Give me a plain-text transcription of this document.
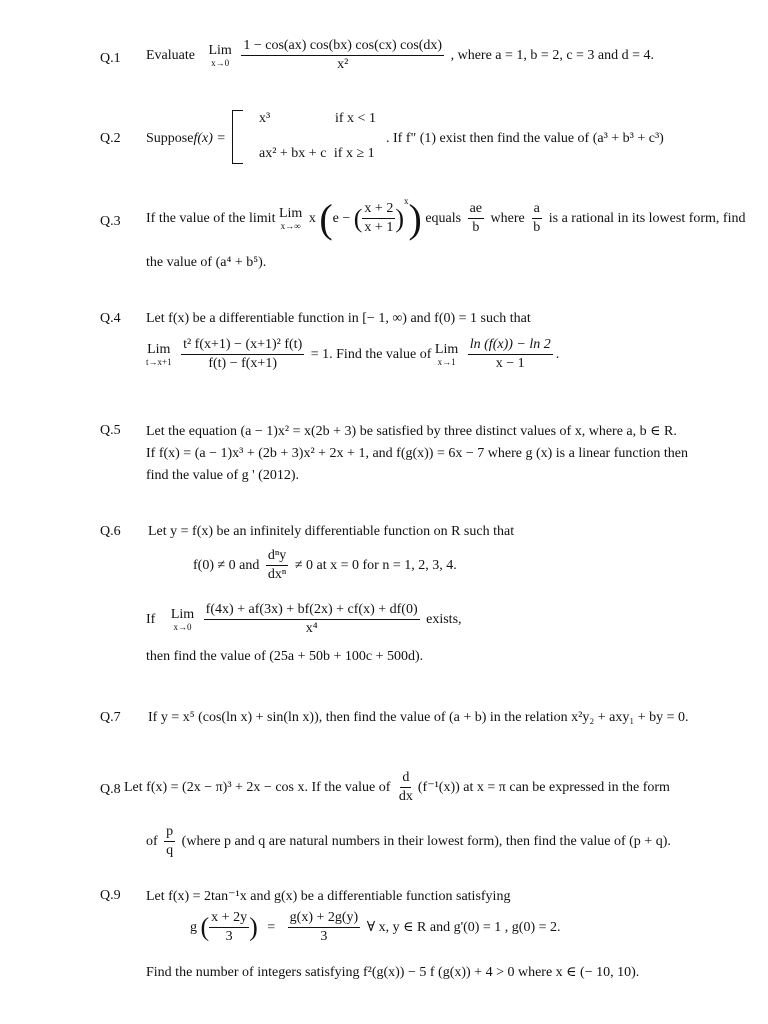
Q.1 Evaluate Lim
x→0
$\frac{1 - \cos(ax) \cos(bx) \cos(cx) \cos(dx)}{\text{x²}}$ , where a = 1, b = 2, c = 3 and d = 4.
Q.2 Supposef(x) =
x³	if x < 1
ax² + bx + c if x ≥ 1
. If f" (1) exist then find the value of (a³ + b³ + c³)
Q.3 If the value of the limit Lim
x→∞
x (e − ( $\frac{x + 2}{x + 1} )^x$) equals $\frac{ae}{b}$ where $\frac{a}{b}$ is a rational in its lowest form, find
the value of (a⁴ + b⁵).
Q.4 Let f(x) be a differentiable function in [− 1, ∞) and f(0) = 1 such that
Lim
t→x+1
$\frac{\text{t² f(x+1) − (x+1)² f(t)}}{f(t) - f(x+1)} = 1$. Find the value of Lim
x→1
$\frac{\ln (f(x)) - \ln 2}{x - 1}$ .
Q.5 Let the equation (a − 1)x² = x(2b + 3) be satisfied by three distinct values of x, where a, b ∈ R.
If f(x) = (a − 1)x³ + (2b + 3)x² + 2x + 1, and f(g(x)) = 6x − 7 where g (x) is a linear function then
find the value of g ' (2012).
Q.6 Let y = f(x) be an infinitely differentiable function on R such that
f(0) ≠ 0 and $\frac{\text{dⁿy}}{\text{dxⁿ}} \ne 0$ at x = 0 for n = 1, 2, 3, 4.
If Lim
x→0
$\frac{f(4x) + af(3x) + bf(2x) + cf(x) + df(0)}{\text{x⁴}}$ exists,
then find the value of (25a + 50b + 100c + 500d).
Q.7 If y = x⁵ (cos(ln x) + sin(ln x)), then find the value of (a + b) in the relation x²y₂ + axy₁ + by = 0.
Q.8 Let f(x) = (2x − π)³ + 2x − cos x. If the value of $\frac{d}{dx} (f^{-1}(x))$ at x = π can be expressed in the form
of $\frac{p}{q}$ (where p and q are natural numbers in their lowest form), then find the value of (p + q).
Q.9 Let f(x) = 2tan⁻¹x and g(x) be a differentiable function satisfying
g ( $\frac{x + 2y}{3}$ ) = $\frac{g(x) + 2g(y)}{3}$ ∀ x, y ∈ R and g'(0) = 1 , g(0) = 2.
Find the number of integers satisfying f²(g(x)) − 5 f (g(x)) + 4 > 0 where x ∈ (− 10, 10).
